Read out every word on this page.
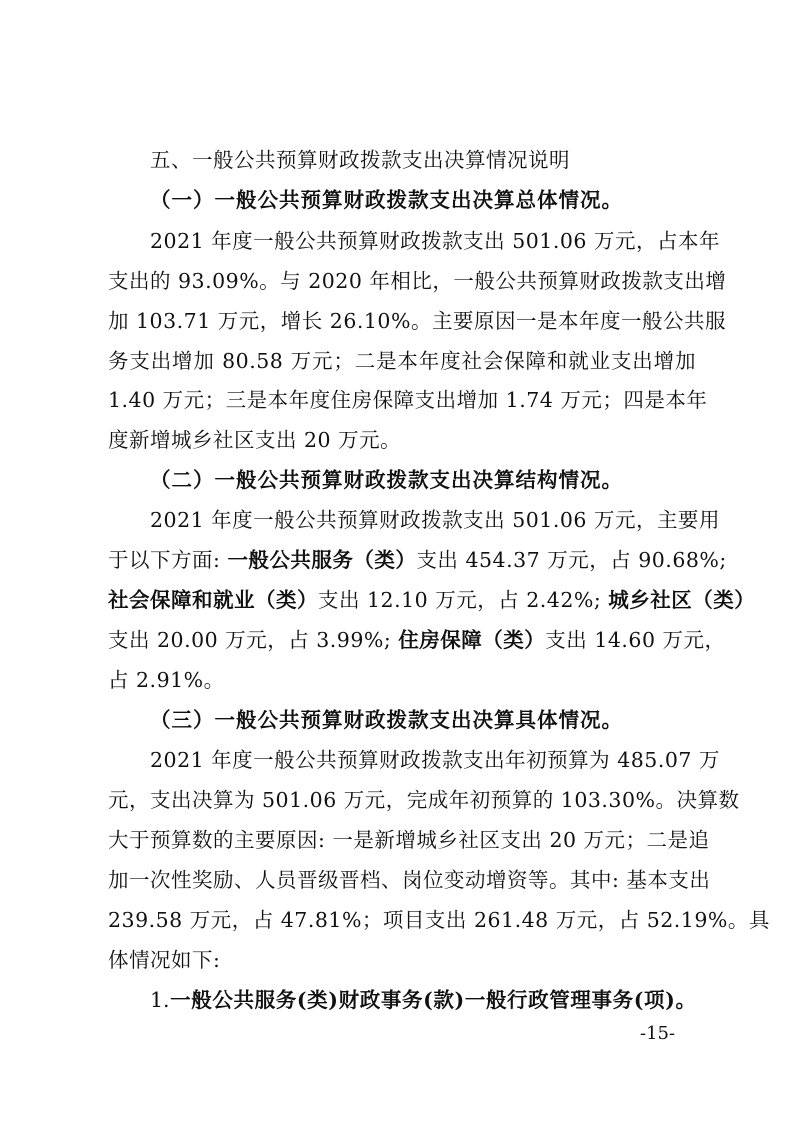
五、一般公共预算财政拨款支出决算情况说明
（一）一般公共预算财政拨款支出决算总体情况。
2021 年度一般公共预算财政拨款支出 501.06 万元，占本年
支出的 93.09%。与 2020 年相比，一般公共预算财政拨款支出增
加 103.71 万元，增长 26.10%。主要原因一是本年度一般公共服
务支出增加 80.58 万元；二是本年度社会保障和就业支出增加
1.40 万元；三是本年度住房保障支出增加 1.74 万元；四是本年
度新增城乡社区支出 20 万元。
（二）一般公共预算财政拨款支出决算结构情况。
2021 年度一般公共预算财政拨款支出 501.06 万元，主要用
于以下方面: 一般公共服务（类）支出 454.37 万元，占 90.68%;
社会保障和就业（类）支出 12.10 万元，占 2.42%; 城乡社区（类）
支出 20.00 万元，占 3.99%; 住房保障（类）支出 14.60 万元，
占 2.91%。
（三）一般公共预算财政拨款支出决算具体情况。
2021 年度一般公共预算财政拨款支出年初预算为 485.07 万
元，支出决算为 501.06 万元，完成年初预算的 103.30%。决算数
大于预算数的主要原因: 一是新增城乡社区支出 20 万元；二是追
加一次性奖励、人员晋级晋档、岗位变动增资等。其中: 基本支出
239.58 万元，占 47.81%；项目支出 261.48 万元，占 52.19%。具
体情况如下:
1.一般公共服务(类)财政事务(款)一般行政管理事务(项)。
-15-
